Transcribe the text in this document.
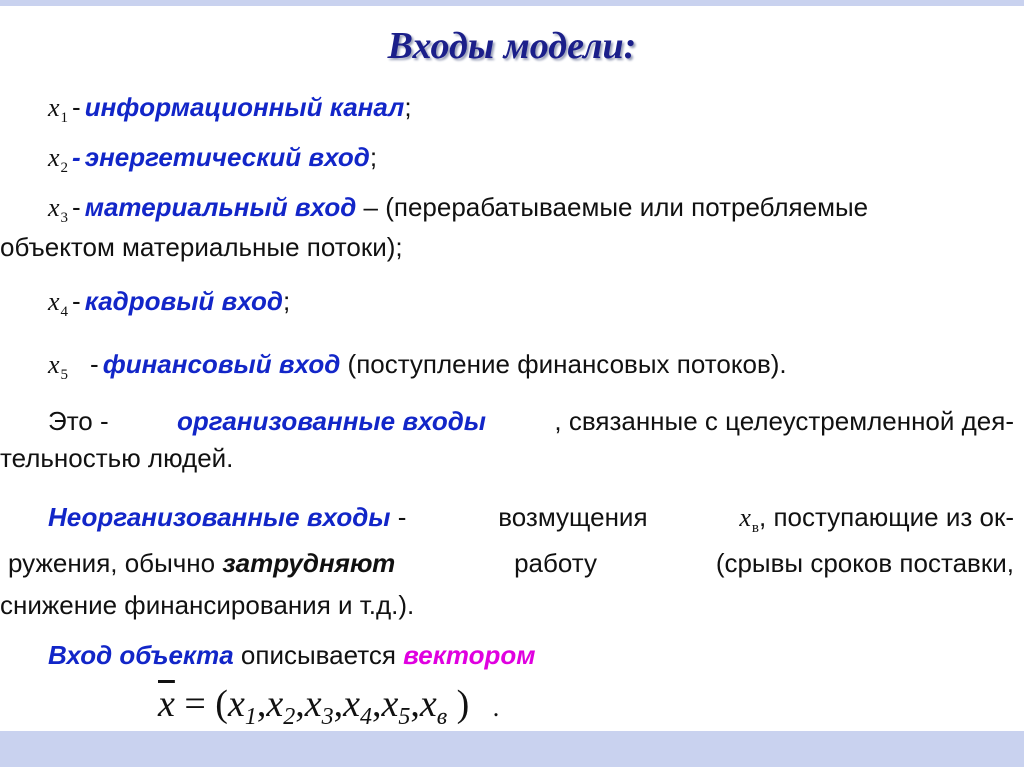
Входы модели:
$x_1$ - информационный канал;
$x_2$ - энергетический вход;
$x_3$ - материальный вход – (перерабатываемые или потребляемые
объектом материальные потоки);
$x_4$ - кадровый вход;
$x_5$ - финансовый вход (поступление финансовых потоков).
Это -	организованные входы	, связанные с целеустремленной дея-
тельностью людей.
Неорганизованные входы -	возмущения	$x_в$, поступающие из ок-
ружения, обычно затрудняют	работу	(срывы сроков поставки,
снижение финансирования и т.д.).
Вход объекта описывается вектором
$\overline{x} = (x_1,x_2,x_3,x_4,x_5,x_в$ ) .
